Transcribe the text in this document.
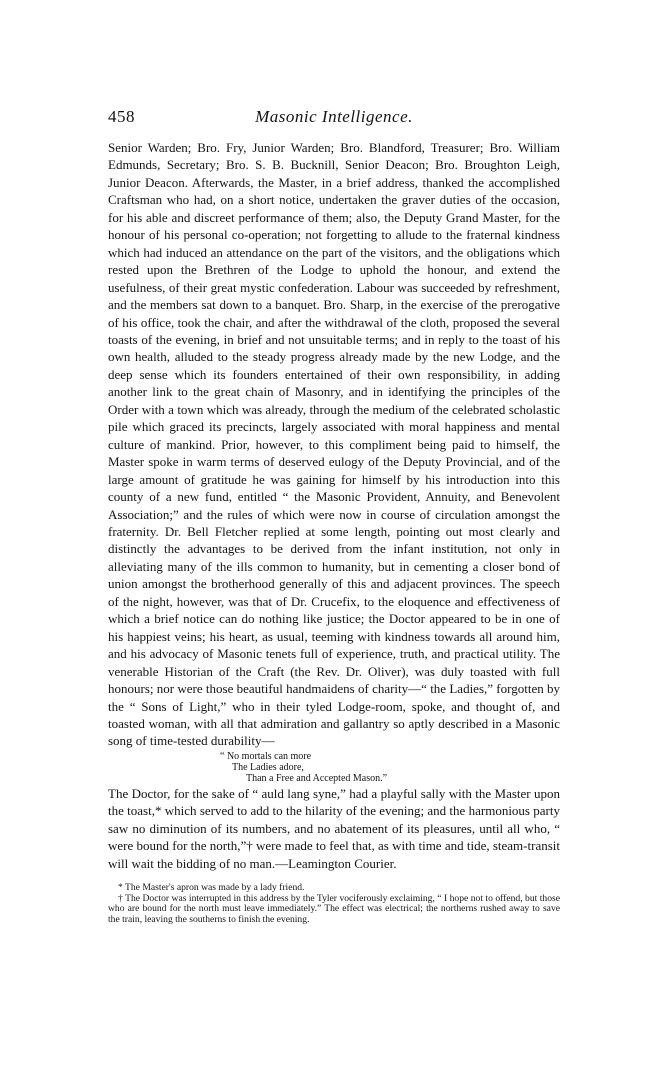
458	Masonic Intelligence.

Senior Warden; Bro. Fry, Junior Warden; Bro. Blandford, Treasurer; Bro. William Edmunds, Secretary; Bro. S. B. Bucknill, Senior Deacon; Bro. Broughton Leigh, Junior Deacon. Afterwards, the Master, in a brief address, thanked the accomplished Craftsman who had, on a short notice, undertaken the graver duties of the occasion, for his able and discreet performance of them; also, the Deputy Grand Master, for the honour of his personal co-operation; not forgetting to allude to the fraternal kindness which had induced an attendance on the part of the visitors, and the obligations which rested upon the Brethren of the Lodge to uphold the honour, and extend the usefulness, of their great mystic confederation. Labour was succeeded by refreshment, and the members sat down to a banquet. Bro. Sharp, in the exercise of the prerogative of his office, took the chair, and after the withdrawal of the cloth, proposed the several toasts of the evening, in brief and not unsuitable terms; and in reply to the toast of his own health, alluded to the steady progress already made by the new Lodge, and the deep sense which its founders entertained of their own responsibility, in adding another link to the great chain of Masonry, and in identifying the principles of the Order with a town which was already, through the medium of the celebrated scholastic pile which graced its precincts, largely associated with moral happiness and mental culture of mankind. Prior, however, to this compliment being paid to himself, the Master spoke in warm terms of deserved eulogy of the Deputy Provincial, and of the large amount of gratitude he was gaining for himself by his introduction into this county of a new fund, entitled “ the Masonic Provident, Annuity, and Benevolent Association;” and the rules of which were now in course of circulation amongst the fraternity. Dr. Bell Fletcher replied at some length, pointing out most clearly and distinctly the advantages to be derived from the infant institution, not only in alleviating many of the ills common to humanity, but in cementing a closer bond of union amongst the brotherhood generally of this and adjacent provinces. The speech of the night, however, was that of Dr. Crucefix, to the eloquence and effectiveness of which a brief notice can do nothing like justice; the Doctor appeared to be in one of his happiest veins; his heart, as usual, teeming with kindness towards all around him, and his advocacy of Masonic tenets full of experience, truth, and practical utility. The venerable Historian of the Craft (the Rev. Dr. Oliver), was duly toasted with full honours; nor were those beautiful handmaidens of charity—“ the Ladies,” forgotten by the “ Sons of Light,” who in their tyled Lodge-room, spoke, and thought of, and toasted woman, with all that admiration and gallantry so aptly described in a Masonic song of time-tested durability—

“ No mortals can more
The Ladies adore,
Than a Free and Accepted Mason.”

The Doctor, for the sake of “ auld lang syne,” had a playful sally with the Master upon the toast,* which served to add to the hilarity of the evening; and the harmonious party saw no diminution of its numbers, and no abatement of its pleasures, until all who, “ were bound for the north,”† were made to feel that, as with time and tide, steam-transit will wait the bidding of no man.—Leamington Courier.

* The Master's apron was made by a lady friend.
† The Doctor was interrupted in this address by the Tyler vociferously exclaiming, “ I hope not to offend, but those who are bound for the north must leave immediately.” The effect was electrical; the northerns rushed away to save the train, leaving the southerns to finish the evening.
